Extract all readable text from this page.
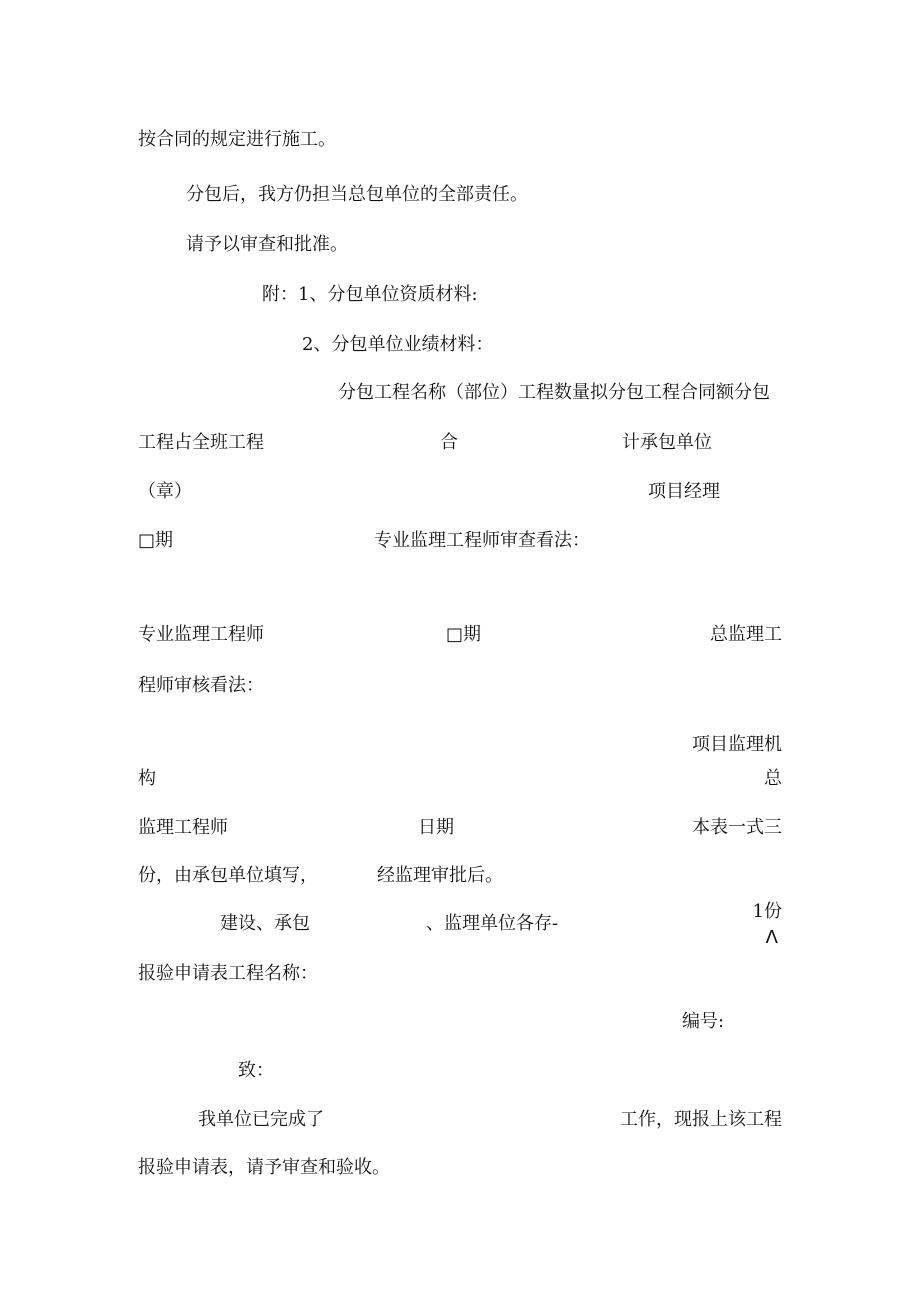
按合同的规定进行施工。
分包后，我方仍担当总包单位的全部责任。
请予以审查和批准。
附：1、分包单位资质材料:
2、分包单位业绩材料：
分包工程名称（部位）工程数量拟分包工程合同额分包
工程占全班工程	合	计承包单位
（章）	项目经理
□期	专业监理工程师审查看法：
专业监理工程师	□期	总监理工
程师审核看法：
项目监理机
构	总
监理工程师	日期	本表一式三
份，由承包单位填写，	经监理审批后。
建设、承包	、监理单位各存-
1份
Λ
报验申请表工程名称：
编号:
致：
我单位已完成了	工作，现报上该工程
报验申请表，请予审查和验收。
